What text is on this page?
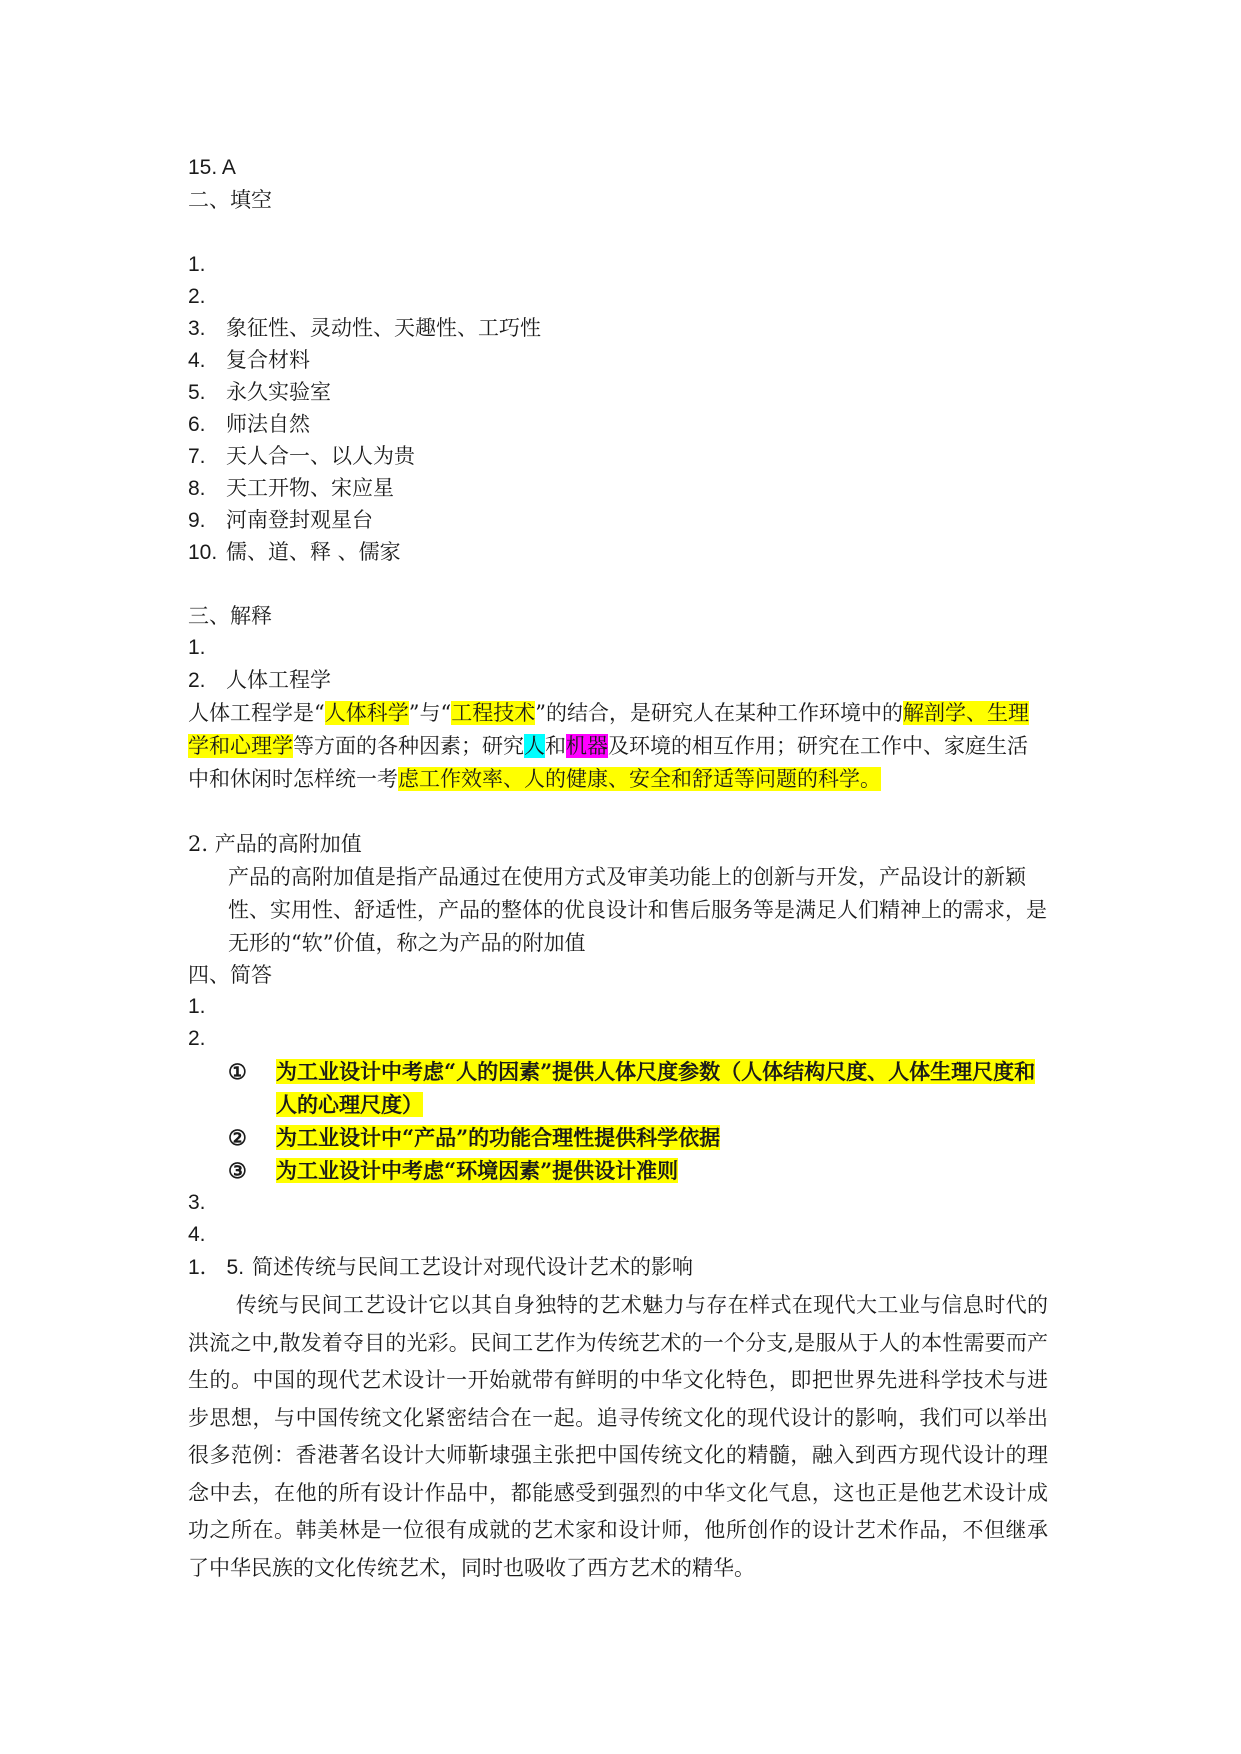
15. A
二、填空
1.
2.
3. 象征性、灵动性、天趣性、工巧性
4. 复合材料
5. 永久实验室
6. 师法自然
7. 天人合一、以人为贵
8. 天工开物、宋应星
9. 河南登封观星台
10. 儒、道、释 、儒家
三、解释
1.
2. 人体工程学
人体工程学是“人体科学”与“工程技术”的结合，是研究人在某种工作环境中的解剖学、生理学和心理学等方面的各种因素；研究人和机器及环境的相互作用；研究在工作中、家庭生活中和休闲时怎样统一考虑工作效率、人的健康、安全和舒适等问题的科学。
2. 产品的高附加值
产品的高附加值是指产品通过在使用方式及审美功能上的创新与开发，产品设计的新颖性、实用性、舒适性，产品的整体的优良设计和售后服务等是满足人们精神上的需求，是无形的“软”价值，称之为产品的附加值
四、简答
1.
2.
①	为工业设计中考虑“人的因素”提供人体尺度参数（人体结构尺度、人体生理尺度和人的心理尺度）
②	为工业设计中“产品”的功能合理性提供科学依据
③	为工业设计中考虑“环境因素”提供设计准则
3.
4.
1． 5. 简述传统与民间工艺设计对现代设计艺术的影响
传统与民间工艺设计它以其自身独特的艺术魅力与存在样式在现代大工业与信息时代的洪流之中,散发着夺目的光彩。民间工艺作为传统艺术的一个分支,是服从于人的本性需要而产生的。中国的现代艺术设计一开始就带有鲜明的中华文化特色，即把世界先进科学技术与进步思想，与中国传统文化紧密结合在一起。追寻传统文化的现代设计的影响，我们可以举出很多范例：香港著名设计大师靳埭强主张把中国传统文化的精髓，融入到西方现代设计的理念中去，在他的所有设计作品中，都能感受到强烈的中华文化气息，这也正是他艺术设计成功之所在。韩美林是一位很有成就的艺术家和设计师，他所创作的设计艺术作品，不但继承了中华民族的文化传统艺术，同时也吸收了西方艺术的精华。
